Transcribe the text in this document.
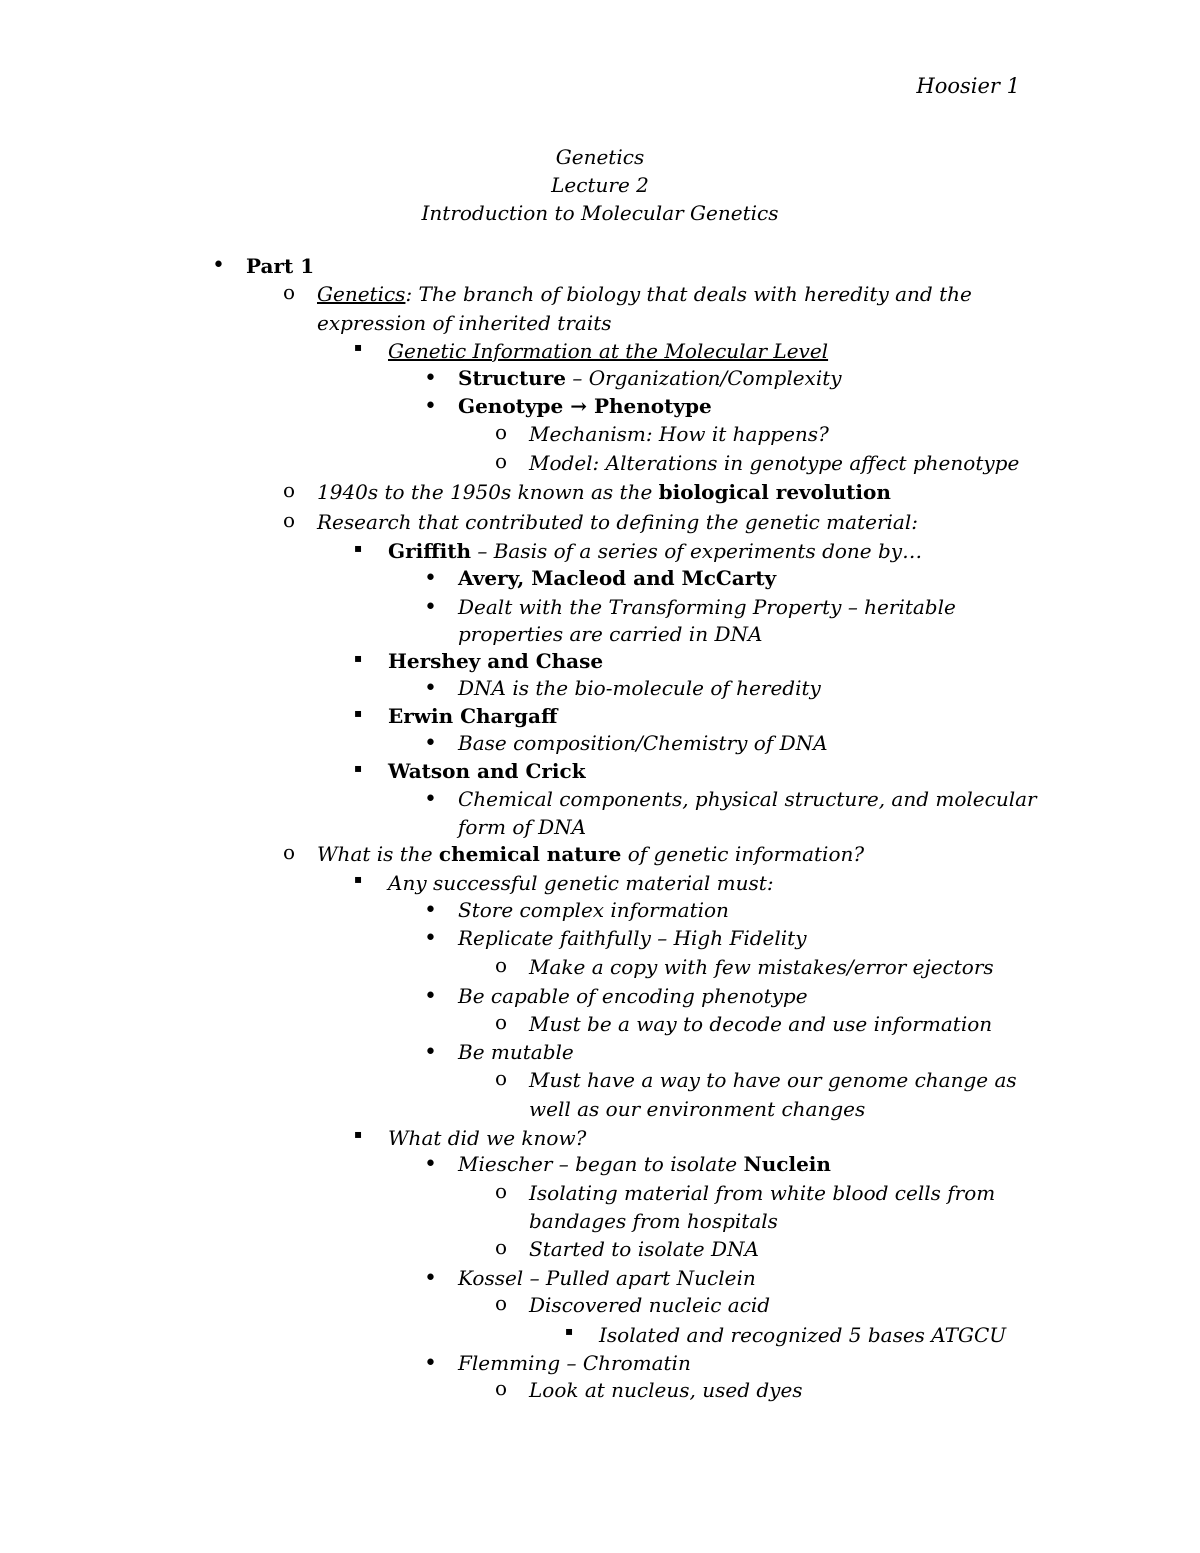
Hoosier 1
Genetics
Lecture 2
Introduction to Molecular Genetics
• Part 1
o Genetics: The branch of biology that deals with heredity and the
expression of inherited traits
▪ Genetic Information at the Molecular Level
• Structure – Organization/Complexity
• Genotype → Phenotype
o Mechanism: How it happens?
o Model: Alterations in genotype affect phenotype
o 1940s to the 1950s known as the biological revolution
o Research that contributed to defining the genetic material:
▪ Griffith – Basis of a series of experiments done by…
• Avery, Macleod and McCarty
• Dealt with the Transforming Property – heritable
properties are carried in DNA
▪ Hershey and Chase
• DNA is the bio-molecule of heredity
▪ Erwin Chargaff
• Base composition/Chemistry of DNA
▪ Watson and Crick
• Chemical components, physical structure, and molecular
form of DNA
o What is the chemical nature of genetic information?
▪ Any successful genetic material must:
• Store complex information
• Replicate faithfully – High Fidelity
o Make a copy with few mistakes/error ejectors
• Be capable of encoding phenotype
o Must be a way to decode and use information
• Be mutable
o Must have a way to have our genome change as
well as our environment changes
▪ What did we know?
• Miescher – began to isolate Nuclein
o Isolating material from white blood cells from
bandages from hospitals
o Started to isolate DNA
• Kossel – Pulled apart Nuclein
o Discovered nucleic acid
▪ Isolated and recognized 5 bases ATGCU
• Flemming – Chromatin
o Look at nucleus, used dyes
